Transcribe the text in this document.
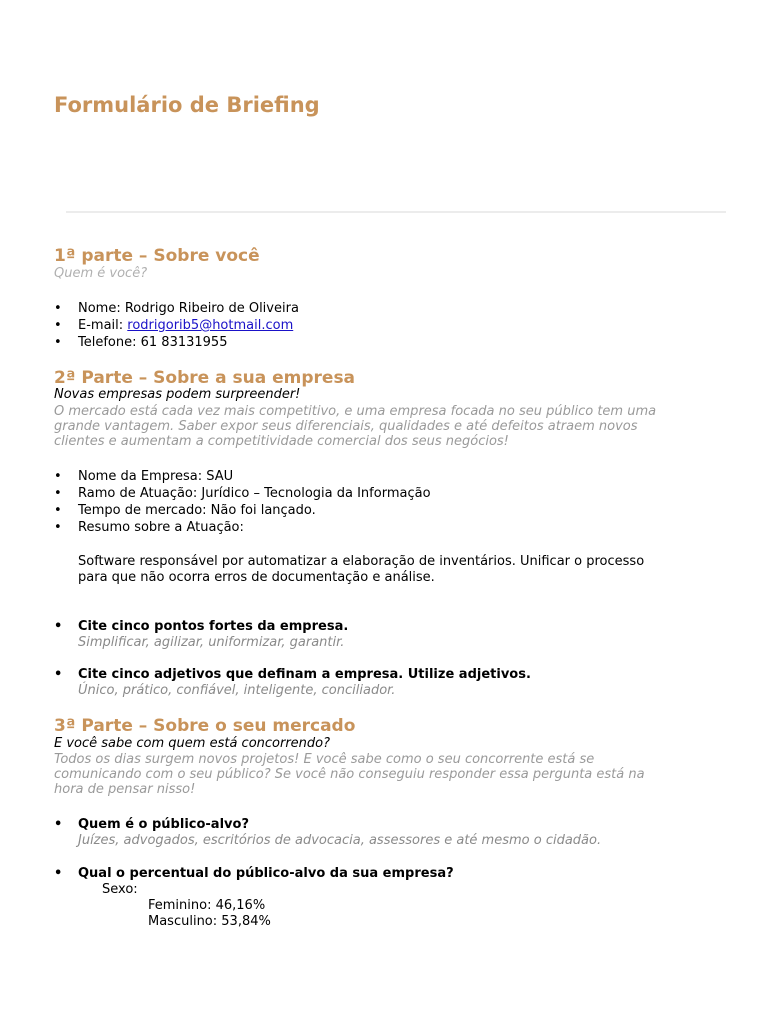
Formulário de Briefing
1ª parte – Sobre você

Quem é você?

• Nome: Rodrigo Ribeiro de Oliveira

• E-mail: rodrigorib5@hotmail.com

• Telefone: 61 83131955

2ª Parte – Sobre a sua empresa

Novas empresas podem surpreender!

O mercado está cada vez mais competitivo, e uma empresa focada no seu público tem uma

grande vantagem. Saber expor seus diferenciais, qualidades e até defeitos atraem novos

clientes e aumentam a competitividade comercial dos seus negócios!

• Nome da Empresa: SAU

• Ramo de Atuação: Jurídico – Tecnologia da Informação

• Tempo de mercado: Não foi lançado.

• Resumo sobre a Atuação:

Software responsável por automatizar a elaboração de inventários. Unificar o processo

para que não ocorra erros de documentação e análise.

• Cite cinco pontos fortes da empresa.

Simplificar, agilizar, uniformizar, garantir.

• Cite cinco adjetivos que definam a empresa. Utilize adjetivos.

Único, prático, confiável, inteligente, conciliador.

3ª Parte – Sobre o seu mercado

E você sabe com quem está concorrendo?

Todos os dias surgem novos projetos! E você sabe como o seu concorrente está se

comunicando com o seu público? Se você não conseguiu responder essa pergunta está na

hora de pensar nisso!

• Quem é o público-alvo?

Juízes, advogados, escritórios de advocacia, assessores e até mesmo o cidadão.

• Qual o percentual do público-alvo da sua empresa?

Sexo:

Feminino: 46,16%

Masculino: 53,84%
